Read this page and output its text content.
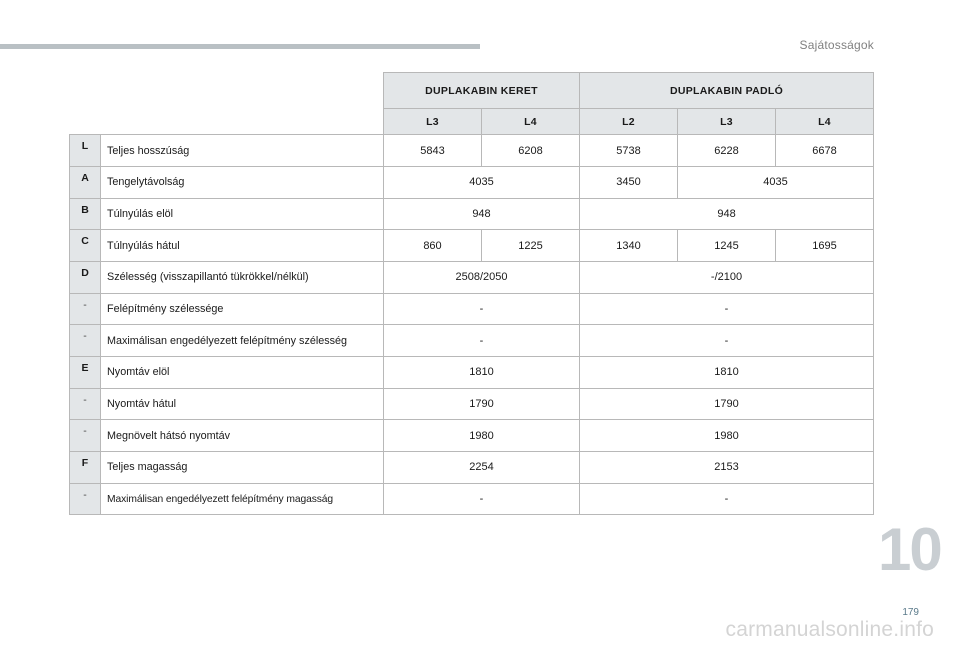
Sajátosságok
		DUPLAKABIN KERET		DUPLAKABIN PADLÓ		
		L3	L4	L2	L3	L4
L	Teljes hosszúság	5843	6208	5738	6228	6678
A	Tengelytávolság	4035		3450	4035	
B	Túlnyúlás elöl	948		948		
C	Túlnyúlás hátul	860	1225	1340	1245	1695
D	Szélesség (visszapillantó tükrökkel/nélkül)	2508/2050		-/2100		
-	Felépítmény szélessége	-		-		
-	Maximálisan engedélyezett felépítmény szélesség	-		-		
E	Nyomtáv elöl	1810		1810		
-	Nyomtáv hátul	1790		1790		
-	Megnövelt hátsó nyomtáv	1980		1980		
F	Teljes magasság	2254		2153		
-	Maximálisan engedélyezett felépítmény magasság	-		-		
10
179
carmanualsonline.info
